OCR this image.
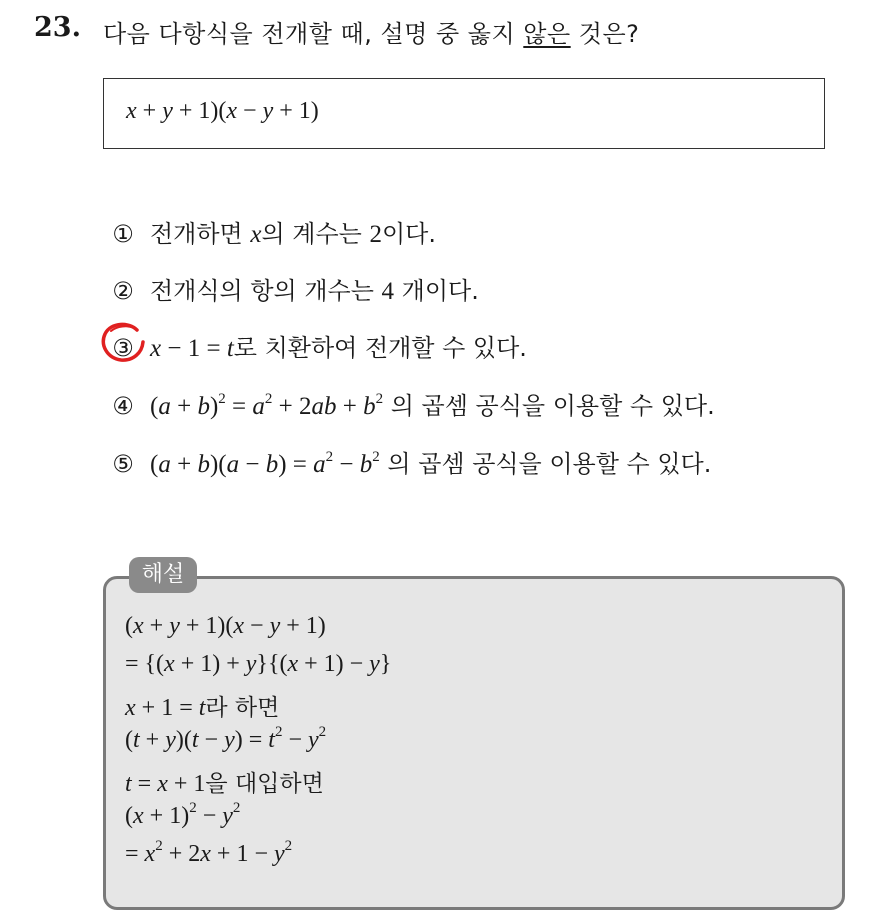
23. 다음 다항식을 전개할 때, 설명 중 옳지 않은 것은?
x + y + 1)(x − y + 1)
① 전개하면 x의 계수는 2이다.
② 전개식의 항의 개수는 4 개이다.
③ x − 1 = t로 치환하여 전개할 수 있다.
④ $(a + b)^2 = a^2 + 2ab + b^2$ 의 곱셈 공식을 이용할 수 있다.
⑤ $(a + b)(a - b) = a^2 - b^2$ 의 곱셈 공식을 이용할 수 있다.
해설
(x + y + 1)(x − y + 1)
= {(x + 1) + y}{(x + 1) − y}
x + 1 = t라 하면
$(t + y)(t - y) = t^2 - y^2$
t = x + 1을 대입하면
$(x + 1)^2 - y^2$
= $x^2 + 2x + 1 - y^2$
